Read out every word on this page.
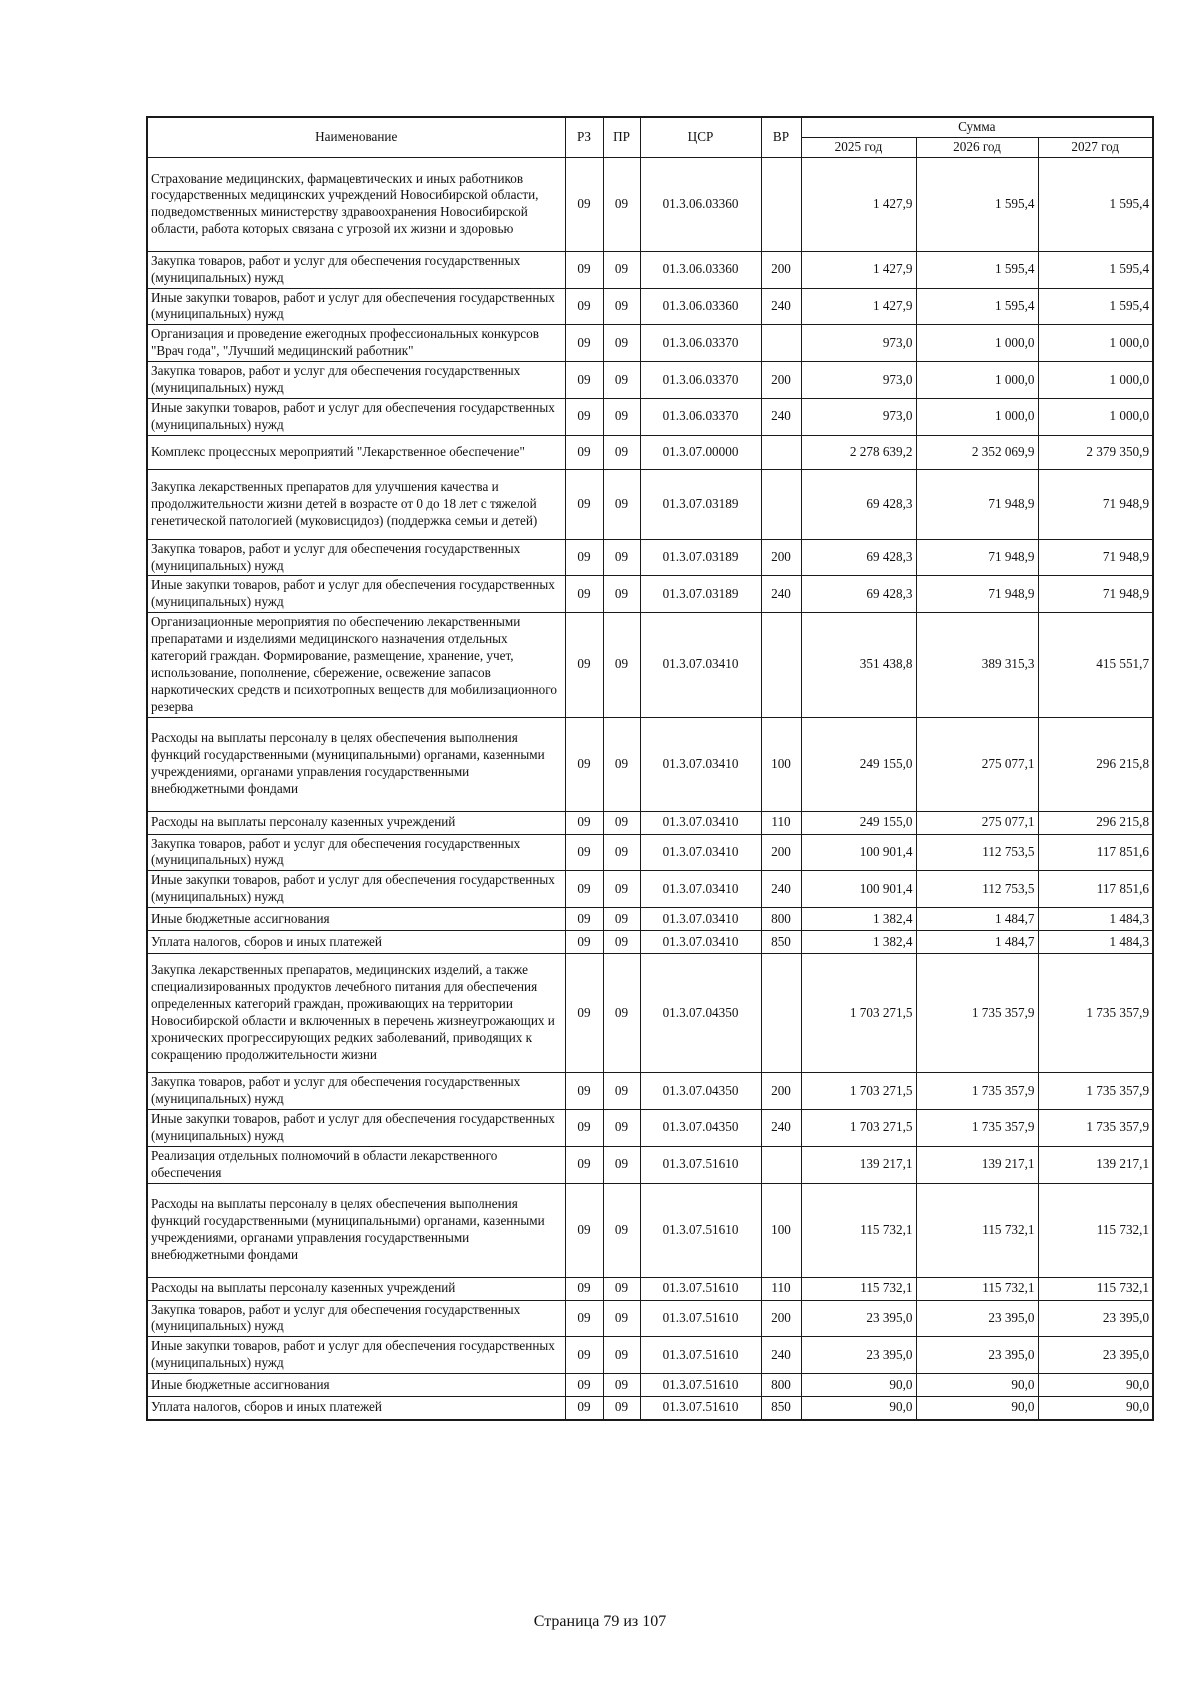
Наименование	РЗ	ПР	ЦСР	ВР	Сумма		
					2025 год	2026 год	2027 год
Страхование медицинских, фармацевтических и иных работников государственных медицинских учреждений Новосибирской области, подведомственных министерству здравоохранения Новосибирской области, работа которых связана с угрозой их жизни и здоровью	09	09	01.3.06.03360		1 427,9	1 595,4	1 595,4
Закупка товаров, работ и услуг для обеспечения государственных (муниципальных) нужд	09	09	01.3.06.03360	200	1 427,9	1 595,4	1 595,4
Иные закупки товаров, работ и услуг для обеспечения государственных (муниципальных) нужд	09	09	01.3.06.03360	240	1 427,9	1 595,4	1 595,4
Организация и проведение ежегодных профессиональных конкурсов "Врач года", "Лучший медицинский работник"	09	09	01.3.06.03370		973,0	1 000,0	1 000,0
Закупка товаров, работ и услуг для обеспечения государственных (муниципальных) нужд	09	09	01.3.06.03370	200	973,0	1 000,0	1 000,0
Иные закупки товаров, работ и услуг для обеспечения государственных (муниципальных) нужд	09	09	01.3.06.03370	240	973,0	1 000,0	1 000,0
Комплекс процессных мероприятий "Лекарственное обеспечение"	09	09	01.3.07.00000		2 278 639,2	2 352 069,9	2 379 350,9
Закупка лекарственных препаратов для улучшения качества и продолжительности жизни детей в возрасте от 0 до 18 лет с тяжелой генетической патологией (муковисцидоз) (поддержка семьи и детей)	09	09	01.3.07.03189		69 428,3	71 948,9	71 948,9
Закупка товаров, работ и услуг для обеспечения государственных (муниципальных) нужд	09	09	01.3.07.03189	200	69 428,3	71 948,9	71 948,9
Иные закупки товаров, работ и услуг для обеспечения государственных (муниципальных) нужд	09	09	01.3.07.03189	240	69 428,3	71 948,9	71 948,9
Организационные мероприятия по обеспечению лекарственными препаратами и изделиями медицинского назначения отдельных категорий граждан. Формирование, размещение, хранение, учет, использование, пополнение, сбережение, освежение запасов наркотических средств и психотропных веществ для мобилизационного резерва	09	09	01.3.07.03410		351 438,8	389 315,3	415 551,7
Расходы на выплаты персоналу в целях обеспечения выполнения функций государственными (муниципальными) органами, казенными учреждениями, органами управления государственными внебюджетными фондами	09	09	01.3.07.03410	100	249 155,0	275 077,1	296 215,8
Расходы на выплаты персоналу казенных учреждений	09	09	01.3.07.03410	110	249 155,0	275 077,1	296 215,8
Закупка товаров, работ и услуг для обеспечения государственных (муниципальных) нужд	09	09	01.3.07.03410	200	100 901,4	112 753,5	117 851,6
Иные закупки товаров, работ и услуг для обеспечения государственных (муниципальных) нужд	09	09	01.3.07.03410	240	100 901,4	112 753,5	117 851,6
Иные бюджетные ассигнования	09	09	01.3.07.03410	800	1 382,4	1 484,7	1 484,3
Уплата налогов, сборов и иных платежей	09	09	01.3.07.03410	850	1 382,4	1 484,7	1 484,3
Закупка лекарственных препаратов, медицинских изделий, а также специализированных продуктов лечебного питания для обеспечения определенных категорий граждан, проживающих на территории Новосибирской области и включенных в перечень жизнеугрожающих и хронических прогрессирующих редких заболеваний, приводящих к сокращению продолжительности жизни	09	09	01.3.07.04350		1 703 271,5	1 735 357,9	1 735 357,9
Закупка товаров, работ и услуг для обеспечения государственных (муниципальных) нужд	09	09	01.3.07.04350	200	1 703 271,5	1 735 357,9	1 735 357,9
Иные закупки товаров, работ и услуг для обеспечения государственных (муниципальных) нужд	09	09	01.3.07.04350	240	1 703 271,5	1 735 357,9	1 735 357,9
Реализация отдельных полномочий в области лекарственного обеспечения	09	09	01.3.07.51610		139 217,1	139 217,1	139 217,1
Расходы на выплаты персоналу в целях обеспечения выполнения функций государственными (муниципальными) органами, казенными учреждениями, органами управления государственными внебюджетными фондами	09	09	01.3.07.51610	100	115 732,1	115 732,1	115 732,1
Расходы на выплаты персоналу казенных учреждений	09	09	01.3.07.51610	110	115 732,1	115 732,1	115 732,1
Закупка товаров, работ и услуг для обеспечения государственных (муниципальных) нужд	09	09	01.3.07.51610	200	23 395,0	23 395,0	23 395,0
Иные закупки товаров, работ и услуг для обеспечения государственных (муниципальных) нужд	09	09	01.3.07.51610	240	23 395,0	23 395,0	23 395,0
Иные бюджетные ассигнования	09	09	01.3.07.51610	800	90,0	90,0	90,0
Уплата налогов, сборов и иных платежей	09	09	01.3.07.51610	850	90,0	90,0	90,0
Страница 79 из 107
